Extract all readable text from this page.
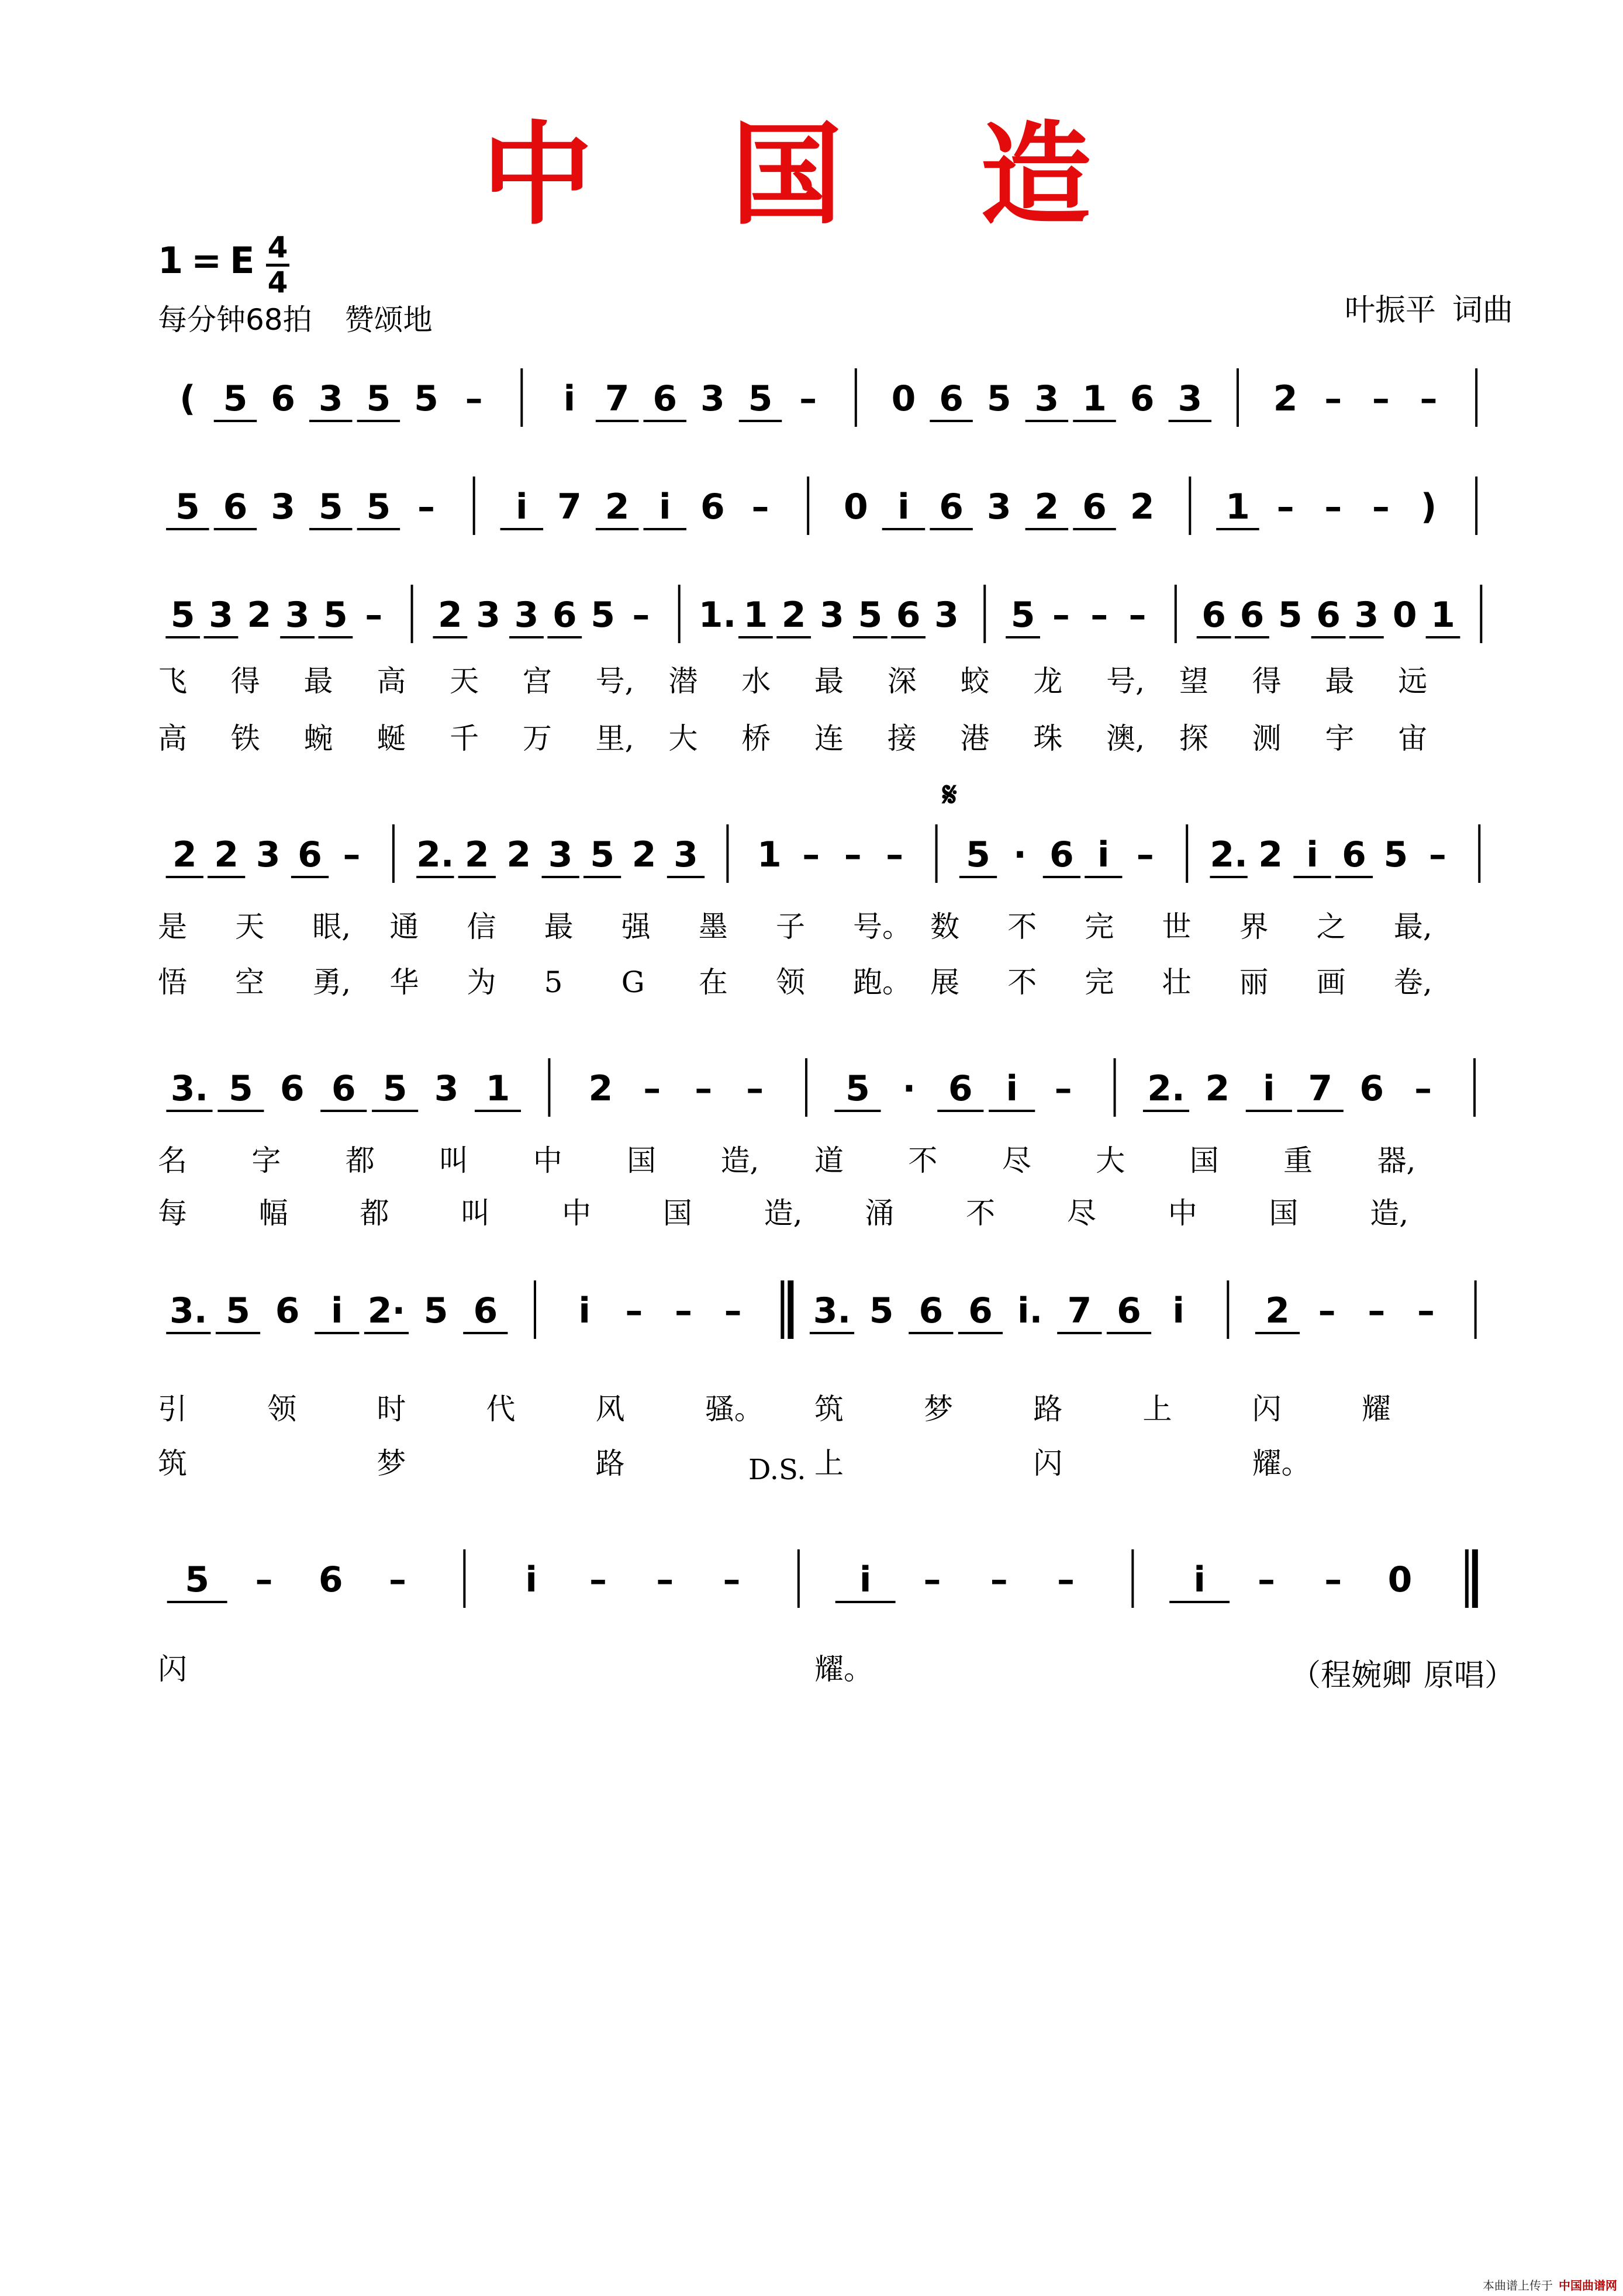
中 国 造
1 = E 4
4
每分钟68拍 赞颂地	叶振平 词曲
𝄋
D.S.
( 5 6 3 5 5 – i 7 6 3 5 – 0 6 5 3 1 6 3 2 – – –
5 6 3 5 5 – i 7 2 i 6 – 0 i 6 3 2 6 2 1 – – – )
5 3 2 3 5 – 2 3 3 6 5 – 1. 1 2 3 5 6 3 5 – – – 6 6 5 6 3 0 1
飞 得 最 高 天 宫 号, 潜 水 最 深 蛟 龙 号, 望 得 最 远
高 铁 蜿 蜒 千 万 里, 大 桥 连 接 港 珠 澳, 探 测 宇 宙
2 2 3 6 – 2. 2 2 3 5 2 3 1 – – – 5 · 6 i – 2. 2 i 6 5 –
是 天 眼, 通 信 最 强 墨 子 号。 数 不 完 世 界 之 最,
悟 空 勇, 华 为 5 G 在 领 跑。 展 不 完 壮 丽 画 卷,
3. 5 6 6 5 3 1 2 – – – 5 · 6 i – 2. 2 i 7 6 –
名 字 都 叫 中 国 造, 道 不 尽 大 国 重 器,
每 幅 都 叫 中 国 造, 涌 不 尽 中 国 造,
3. 5 6 i 2· 5 6 i – – – 3. 5 6 6 i. 7 6 i 2 – – –
引	领	时	代	风	骚。 筑	梦	路	上	闪	耀
筑	梦	路	上	闪	耀。
5 – 6 –	i – – –	i – – –	i – – 0
闪	耀。	（程婉卿 原唱）
本曲谱上传于 中国曲谱网
